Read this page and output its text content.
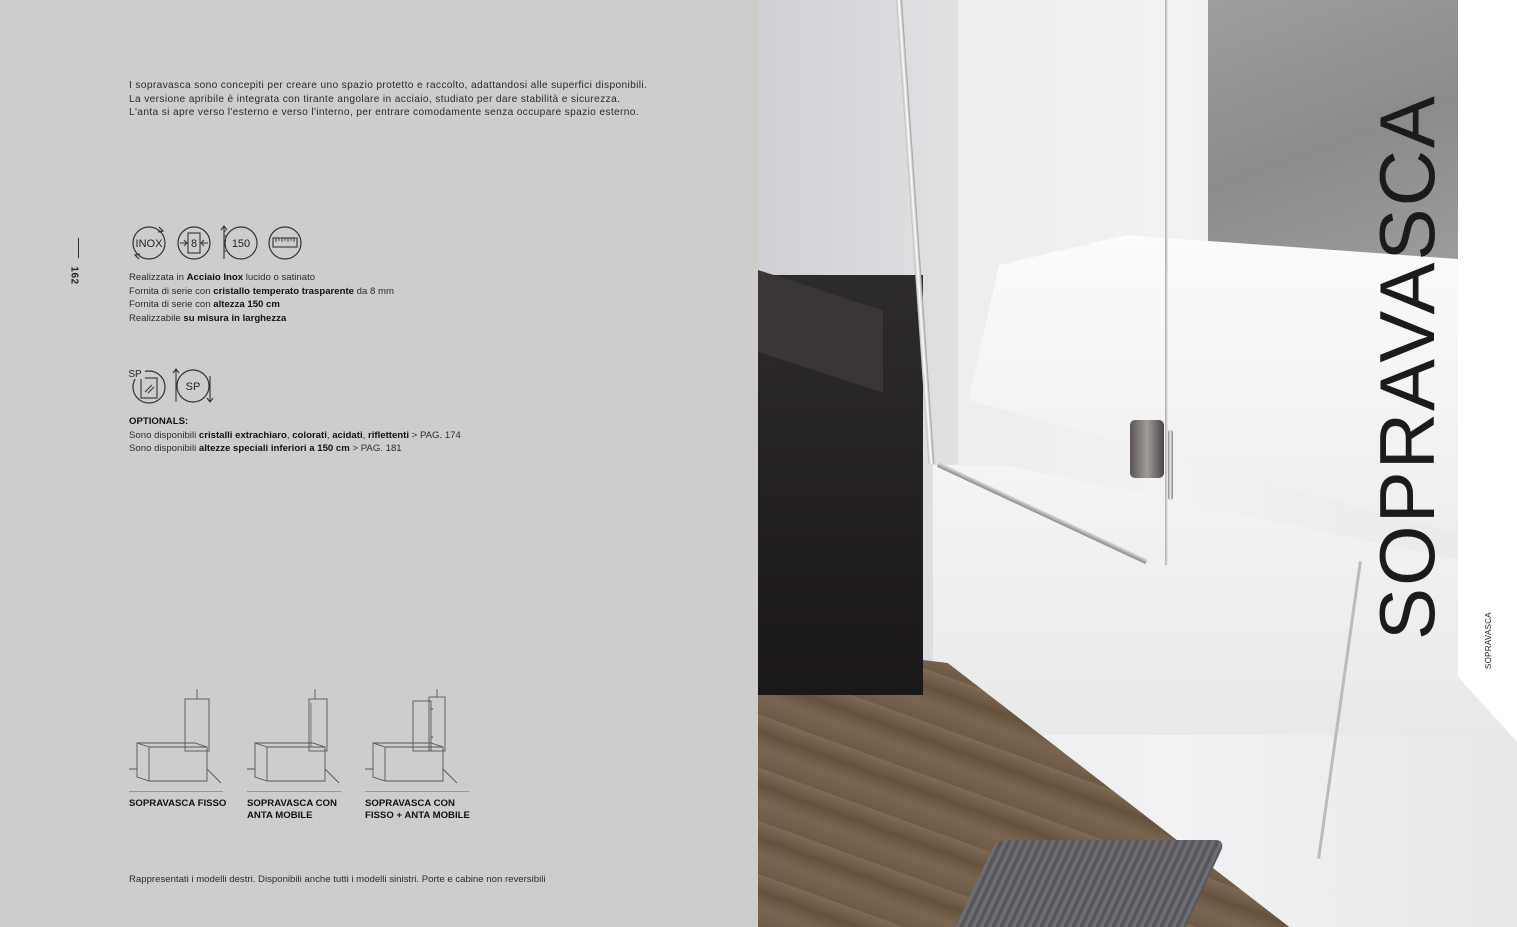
162
I sopravasca sono concepiti per creare uno spazio protetto e raccolto, adattandosi alle superfici disponibili.
La versione apribile è integrata con tirante angolare in acciaio, studiato per dare stabilità e sicurezza.
L'anta si apre verso l'esterno e verso l'interno, per entrare comodamente senza occupare spazio esterno.
INOX	8	150
Realizzata in Acciaio Inox lucido o satinato
Fornita di serie con cristallo temperato trasparente da 8 mm
Fornita di serie con altezza 150 cm
Realizzabile su misura in larghezza
SP
SP
OPTIONALS:
Sono disponibili cristalli extrachiaro, colorati, acidati, riflettenti > PAG. 174
Sono disponibili altezze speciali inferiori a 150 cm > PAG. 181
SOPRAVASCA FISSO	SOPRAVASCA CON
ANTA MOBILE
SOPRAVASCA CON
FISSO + ANTA MOBILE
Rappresentati i modelli destri. Disponibili anche tutti i modelli sinistri. Porte e cabine non reversibili
SOPRAVASCA
SOPRAVASCA
